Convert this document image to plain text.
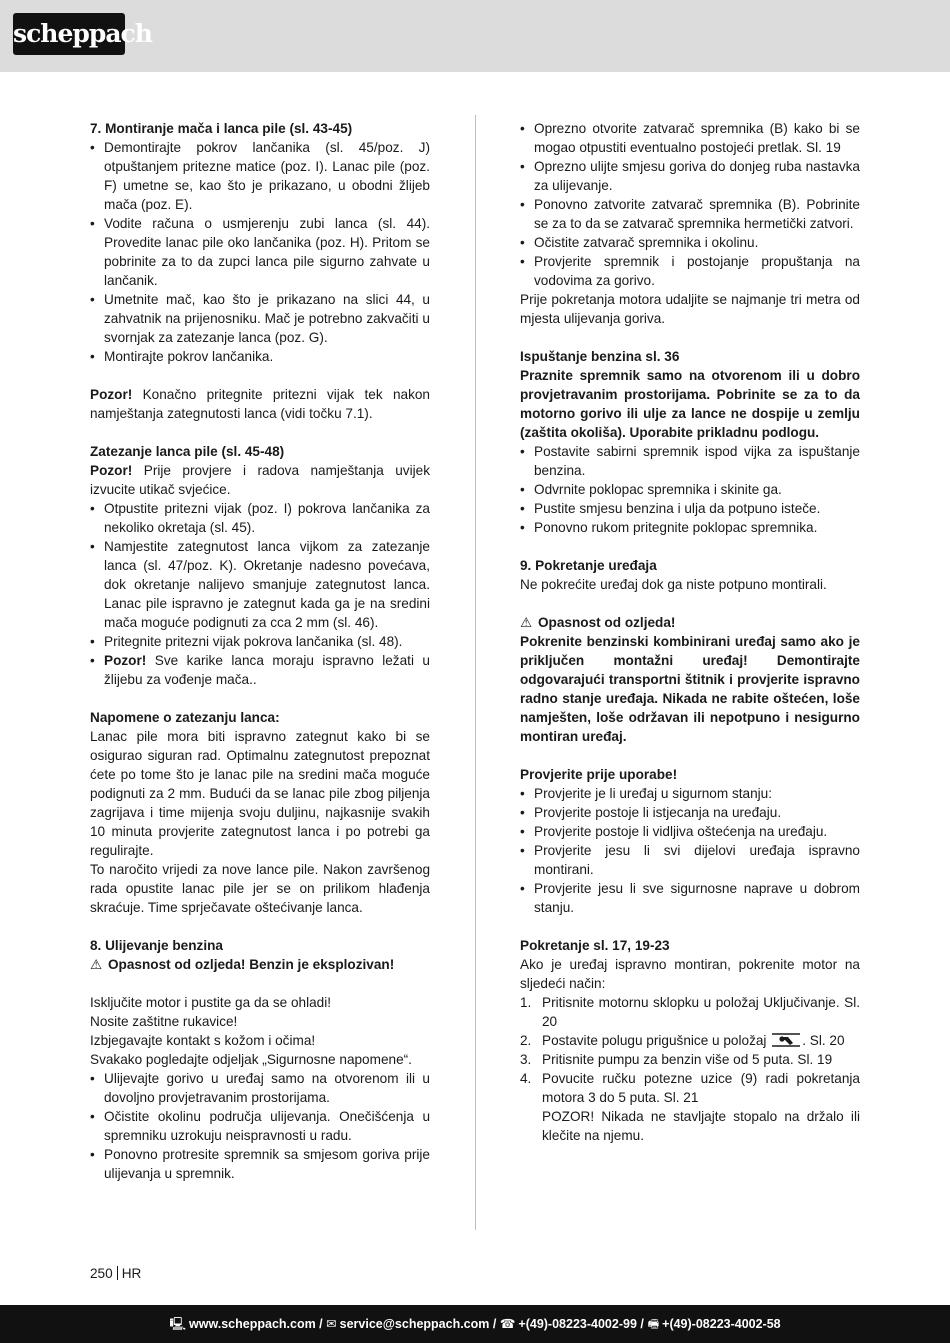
scheppach

7. Montiranje mača i lanca pile (sl. 43-45)

• Demontirajte pokrov lančanika (sl. 45/poz. J) otpuštanjem pritezne matice (poz. I). Lanac pile (poz. F) umetne se, kao što je prikazano, u obodni žlijeb mača (poz. E).
• Vodite računa o usmjerenju zubi lanca (sl. 44). Provedite lanac pile oko lančanika (poz. H). Pritom se pobrinite za to da zupci lanca pile sigurno zahvate u lančanik.
• Umetnite mač, kao što je prikazano na slici 44, u zahvatnik na prijenosniku. Mač je potrebno zakvačiti u svornjak za zatezanje lanca (poz. G).
• Montirajte pokrov lančanika.

Pozor! Konačno pritegnite pritezni vijak tek nakon namještanja zategnutosti lanca (vidi točku 7.1).

Zatezanje lanca pile (sl. 45-48)

Pozor! Prije provjere i radova namještanja uvijek izvucite utikač svjećice.

• Otpustite pritezni vijak (poz. I) pokrova lančanika za nekoliko okretaja (sl. 45).
• Namjestite zategnutost lanca vijkom za zatezanje lanca (sl. 47/poz. K). Okretanje nadesno povećava, dok okretanje nalijevo smanjuje zategnutost lanca. Lanac pile ispravno je zategnut kada ga je na sredini mača moguće podignuti za cca 2 mm (sl. 46).
• Pritegnite pritezni vijak pokrova lančanika (sl. 48).
• Pozor! Sve karike lanca moraju ispravno ležati u žlijebu za vođenje mača..

Napomene o zatezanju lanca:

Lanac pile mora biti ispravno zategnut kako bi se osigurao siguran rad. Optimalnu zategnutost prepoznat ćete po tome što je lanac pile na sredini mača moguće podignuti za 2 mm. Budući da se lanac pile zbog piljenja zagrijava i time mijenja svoju duljinu, najkasnije svakih 10 minuta provjerite zategnutost lanca i po potrebi ga regulirajte.

To naročito vrijedi za nove lance pile. Nakon završenog rada opustite lanac pile jer se on prilikom hlađenja skraćuje. Time sprječavate oštećivanje lanca.

8. Ulijevanje benzina

⚠ Opasnost od ozljeda! Benzin je eksplozivan!

Isključite motor i pustite ga da se ohladi!

Nosite zaštitne rukavice!

Izbjegavajte kontakt s kožom i očima!

Svakako pogledajte odjeljak „Sigurnosne napomene“.

• Ulijevajte gorivo u uređaj samo na otvorenom ili u dovoljno provjetravanim prostorijama.
• Očistite okolinu područja ulijevanja. Onečišćenja u spremniku uzrokuju neispravnosti u radu.
• Ponovno protresite spremnik sa smjesom goriva prije ulijevanja u spremnik.
• Oprezno otvorite zatvarač spremnika (B) kako bi se mogao otpustiti eventualno postojeći pretlak. Sl. 19
• Oprezno ulijte smjesu goriva do donjeg ruba nastavka za ulijevanje.
• Ponovno zatvorite zatvarač spremnika (B). Pobrinite se za to da se zatvarač spremnika hermetički zatvori.
• Očistite zatvarač spremnika i okolinu.
• Provjerite spremnik i postojanje propuštanja na vodovima za gorivo.

Prije pokretanja motora udaljite se najmanje tri metra od mjesta ulijevanja goriva.

Ispuštanje benzina sl. 36

Praznite spremnik samo na otvorenom ili u dobro provjetravanim prostorijama. Pobrinite se za to da motorno gorivo ili ulje za lance ne dospije u zemlju (zaštita okoliša). Uporabite prikladnu podlogu.

• Postavite sabirni spremnik ispod vijka za ispuštanje benzina.
• Odvrnite poklopac spremnika i skinite ga.
• Pustite smjesu benzina i ulja da potpuno isteče.
• Ponovno rukom pritegnite poklopac spremnika.

9. Pokretanje uređaja

Ne pokrećite uređaj dok ga niste potpuno montirali.

⚠ Opasnost od ozljeda!

Pokrenite benzinski kombinirani uređaj samo ako je priključen montažni uređaj! Demontirajte odgovarajući transportni štitnik i provjerite ispravno radno stanje uređaja. Nikada ne rabite oštećen, loše namješten, loše održavan ili nepotpuno i nesigurno montiran uređaj.

Provjerite prije uporabe!

• Provjerite je li uređaj u sigurnom stanju:
• Provjerite postoje li istjecanja na uređaju.
• Provjerite postoje li vidljiva oštećenja na uređaju.
• Provjerite jesu li svi dijelovi uređaja ispravno montirani.
• Provjerite jesu li sve sigurnosne naprave u dobrom stanju.

Pokretanje sl. 17, 19-23

Ako je uređaj ispravno montiran, pokrenite motor na sljedeći način:

1. Pritisnite motornu sklopku u položaj Uključivanje. Sl. 20
2. Postavite polugu prigušnice u položaj . Sl. 20
3. Pritisnite pumpu za benzin više od 5 puta. Sl. 19
4. Povucite ručku potezne uzice (9) radi pokretanja motora 3 do 5 puta. Sl. 21
POZOR! Nikada ne stavljajte stopalo na držalo ili klečite na njemu.
250 HR
🖳 www.scheppach.com / ✉ service@scheppach.com / ☎ +(49)-08223-4002-99 / 🖷 +(49)-08223-4002-58
